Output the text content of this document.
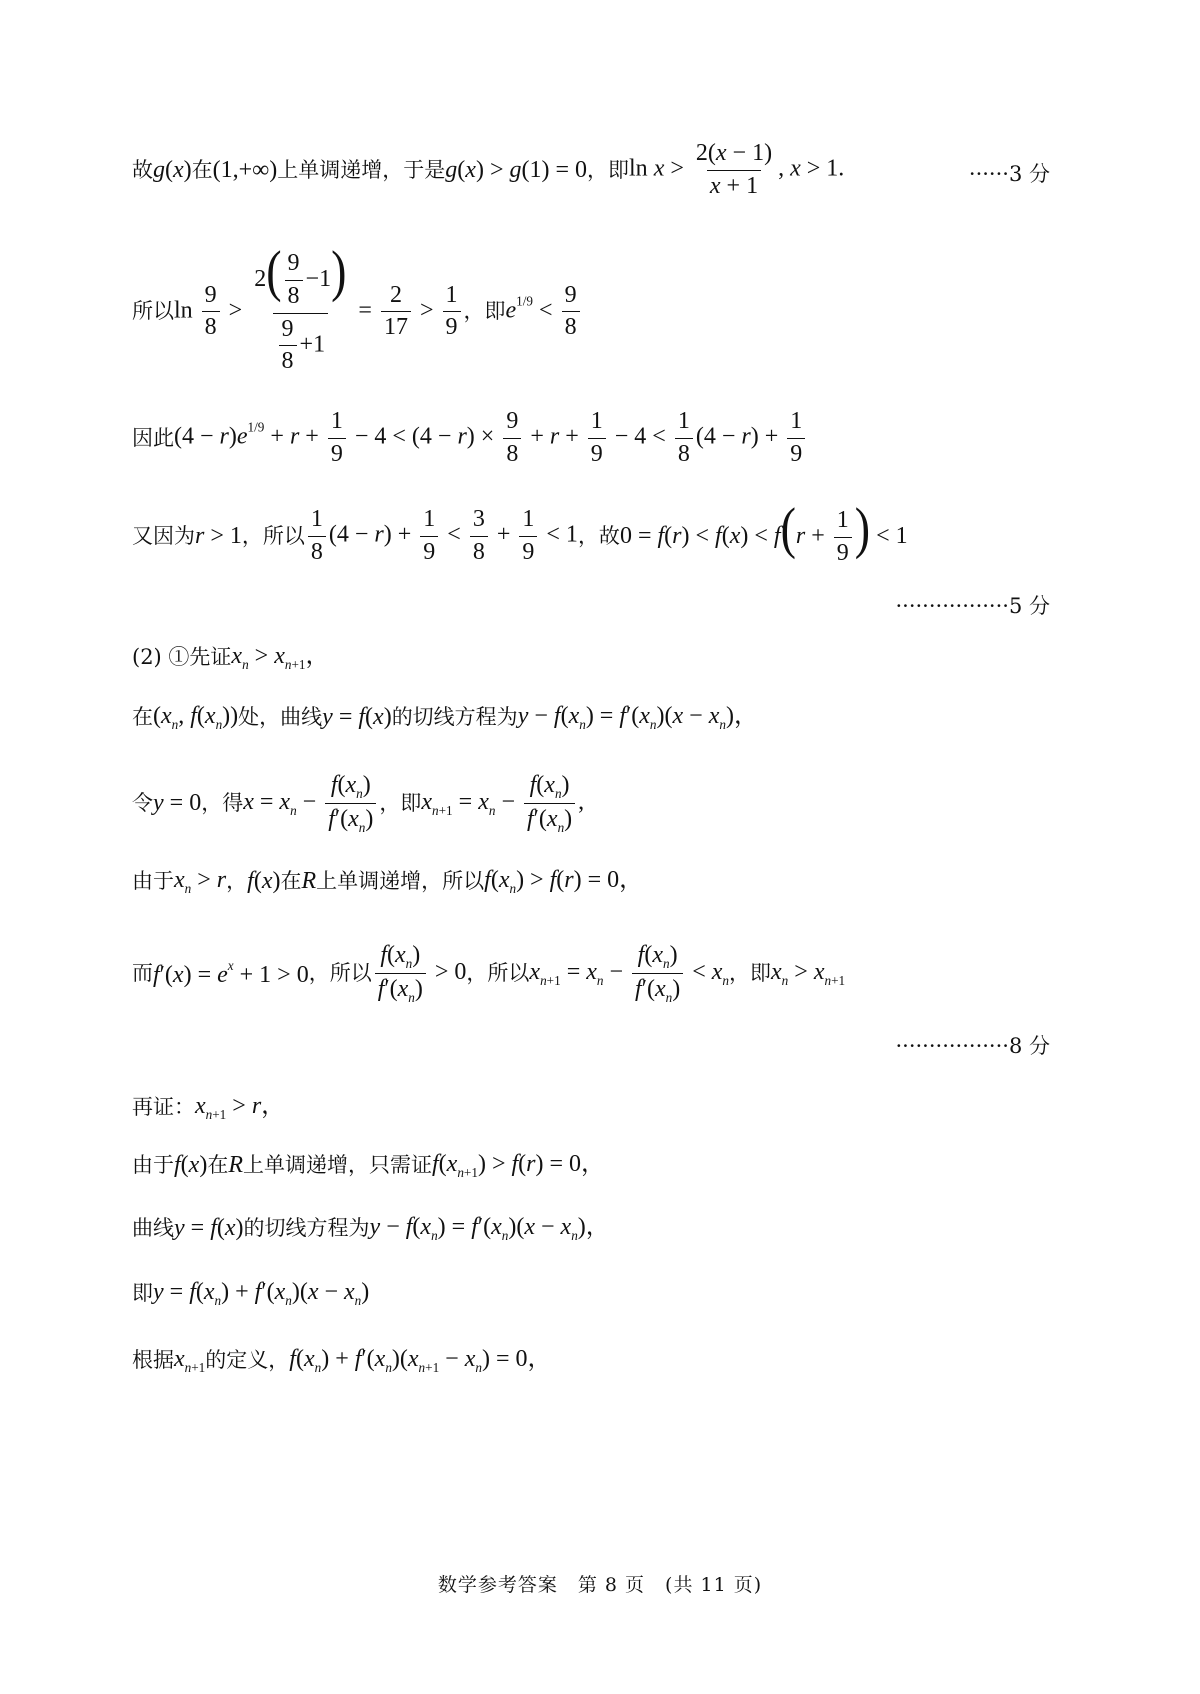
故 g(x) 在 (1,+∞) 上单调递增，于是 g(x) > g(1) = 0 ，即 $\ln x > \frac{2(x - 1)}{x + 1}$ , x > 1.	······3 分
所以 $\ln \frac{9}{8} > \frac{2( \frac{9}{8} -1)}{\frac{9}{8} +1} = \frac{2}{17} > \frac{1}{9}$ ，即 $e^{1/9} < \frac{9}{8}$
因此 $(4 - r)e^{1/9} + r + \frac{1}{9} - 4 < (4 - r) \times \frac{9}{8} + r + \frac{1}{9} - 4 < \frac{1}{8} (4 - r) + \frac{1}{9}$
又因为 r > 1 ，所以 $\frac{1}{8} (4 - r) + \frac{1}{9} < \frac{3}{8} + \frac{1}{9} < 1$ ，故 $0 = f(r) < f(x) < f(r + \frac{1}{9}$ ) < 1
·················5 分
(2) ①先证 $x_n > x_{n+1}$，
在 ($x_n$, $f(x_n)$) 处，曲线 y = f(x) 的切线方程为 $y - f(x_n) = f'(x_n)(x - x_n)$，
令 y = 0 ，得 $x = x_n - \frac{f(x_n)}{f'(x_n)}$ ，即 $x_{n+1} = x_n - \frac{f(x_n)}{f'(x_n)}$ ,
由于 $x_n > r$ ， f(x) 在 R 上单调递增，所以 $f(x_n) > f(r) = 0$，
而 $f'(x) = e^x + 1 > 0$ ，所以 $\frac{f(x_n)}{f'(x_n)} > 0$ ，所以 $x_{n+1} = x_n - \frac{f(x_n)}{f'(x_n)} < x_n$ ，即 $x_n > x_{n+1}$
·················8 分
再证： $x_{n+1} > r$，
由于 f(x) 在 R 上单调递增，只需证 $f(x_{n+1}) > f(r) = 0$，
曲线 y = f(x) 的切线方程为 $y - f(x_n) = f'(x_n)(x - x_n)$，
即 $y = f(x_n) + f'(x_n)(x - x_n)$
根据 $x_{n+1}$ 的定义， $f(x_n) + f'(x_n)(x_{n+1} - x_n) = 0$，
数学参考答案　第 8 页　(共 11 页)
